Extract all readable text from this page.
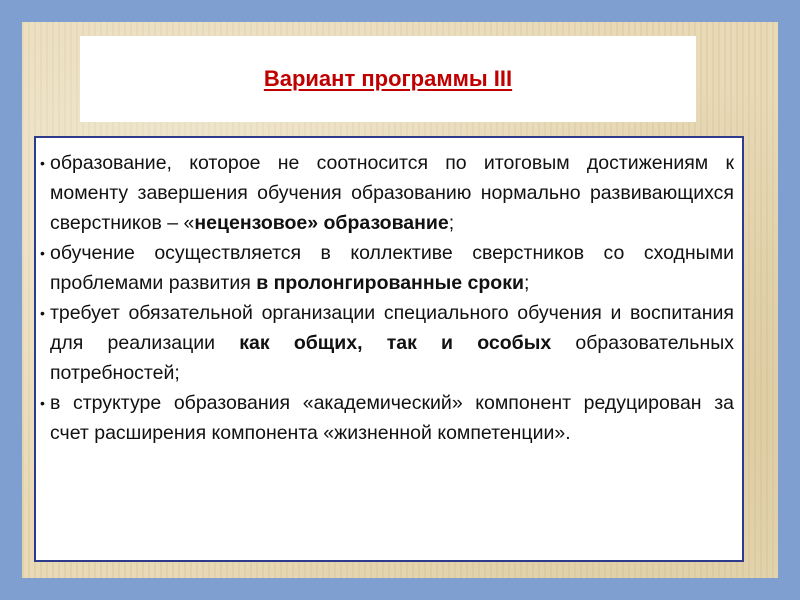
Вариант программы III
• образование, которое не соотносится по итоговым достижениям к моменту завершения обучения образованию нормально развивающихся сверстников – «нецензовое» образование;
• обучение осуществляется в коллективе сверстников со сходными проблемами развития в пролонгированные сроки;
• требует обязательной организации специального обучения и воспитания для реализации как общих, так и особых образовательных потребностей;
• в структуре образования «академический» компонент редуцирован за счет расширения компонента «жизненной компетенции».
